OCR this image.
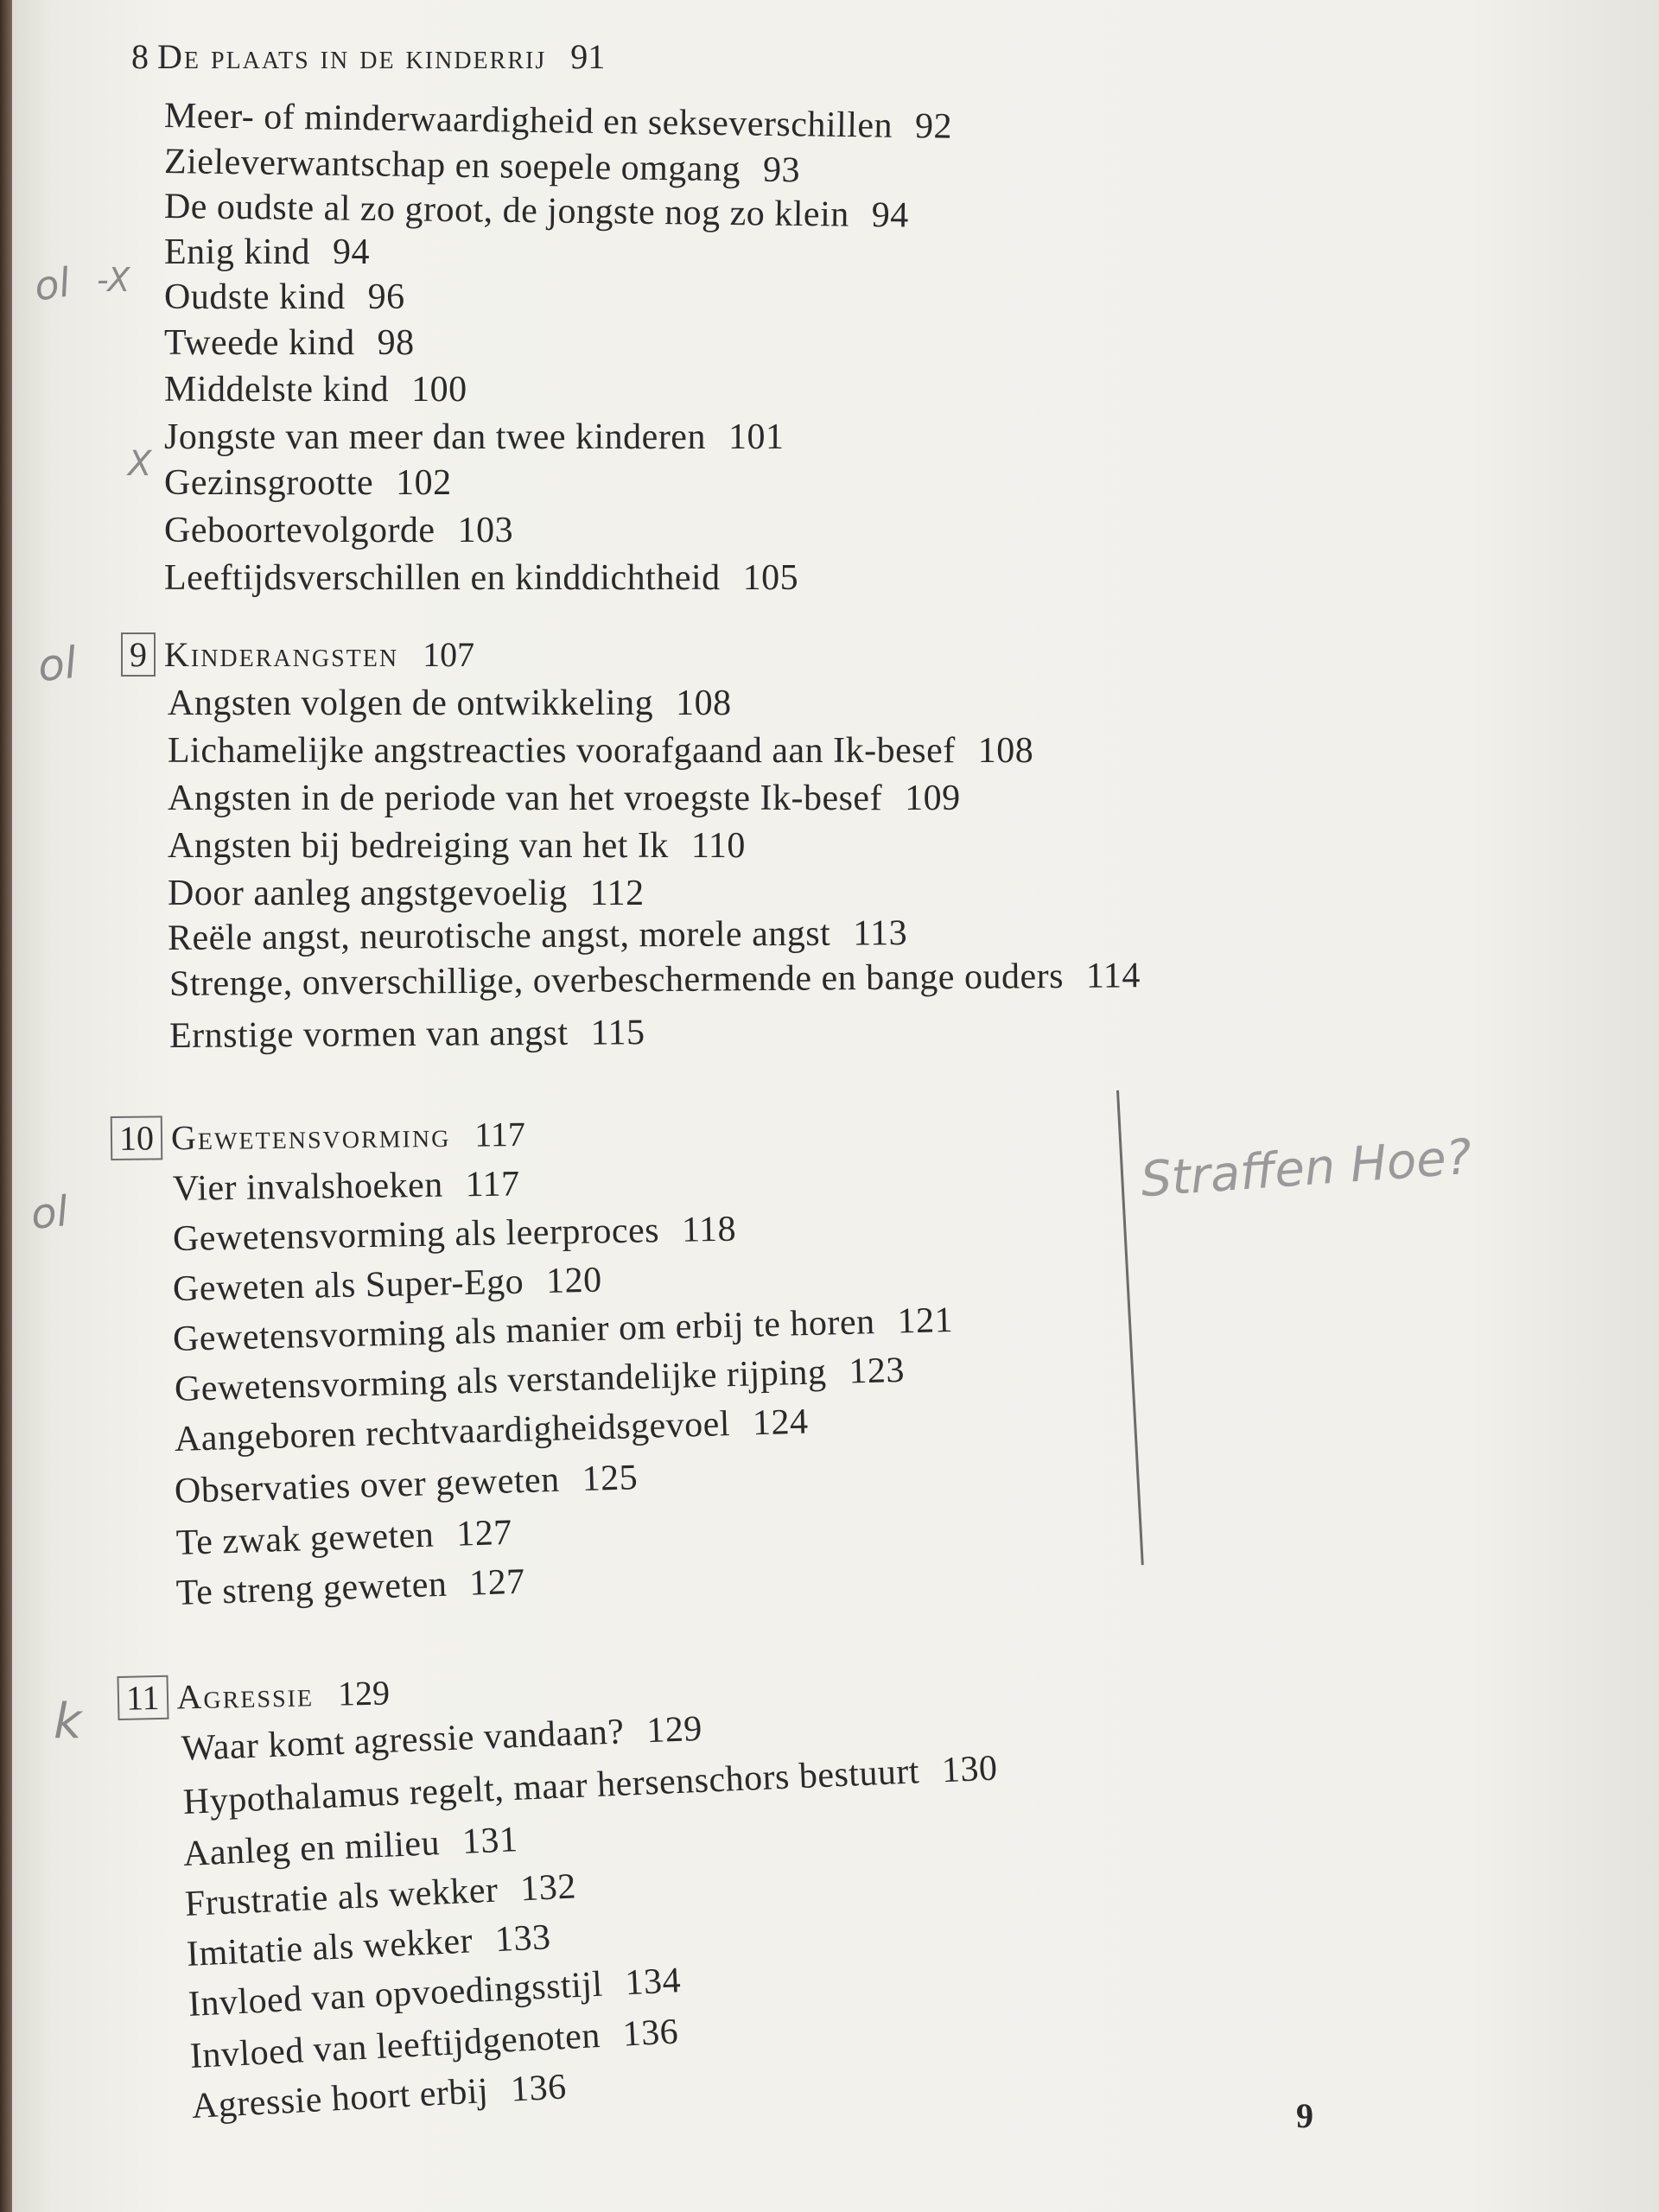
8 De plaats in de kinderrij 91
Meer- of minderwaardigheid en sekseverschillen 92
Zieleverwantschap en soepele omgang 93
De oudste al zo groot, de jongste nog zo klein 94
Enig kind 94
Oudste kind 96
Tweede kind 98
Middelste kind 100
Jongste van meer dan twee kinderen 101
Gezinsgrootte 102
Geboortevolgorde 103
Leeftijdsverschillen en kinddichtheid 105
9 Kinderangsten 107
Angsten volgen de ontwikkeling 108
Lichamelijke angstreacties voorafgaand aan Ik-besef 108
Angsten in de periode van het vroegste Ik-besef 109
Angsten bij bedreiging van het Ik 110
Door aanleg angstgevoelig 112
Reële angst, neurotische angst, morele angst 113
Strenge, onverschillige, overbeschermende en bange ouders 114
Ernstige vormen van angst 115
10 Gewetensvorming 117
Vier invalshoeken 117
Gewetensvorming als leerproces 118
Geweten als Super-Ego 120
Gewetensvorming als manier om erbij te horen 121
Gewetensvorming als verstandelijke rijping 123
Aangeboren rechtvaardigheidsgevoel 124
Observaties over geweten 125
Te zwak geweten 127
Te streng geweten 127
11 Agressie 129
Waar komt agressie vandaan? 129
Hypothalamus regelt, maar hersenschors bestuurt 130
Aanleg en milieu 131
Frustratie als wekker 132
Imitatie als wekker 133
Invloed van opvoedingsstijl 134
Invloed van leeftijdgenoten 136
Agressie hoort erbij 136
ol -X
X
ol
ol
k
Straffen Hoe?
9
